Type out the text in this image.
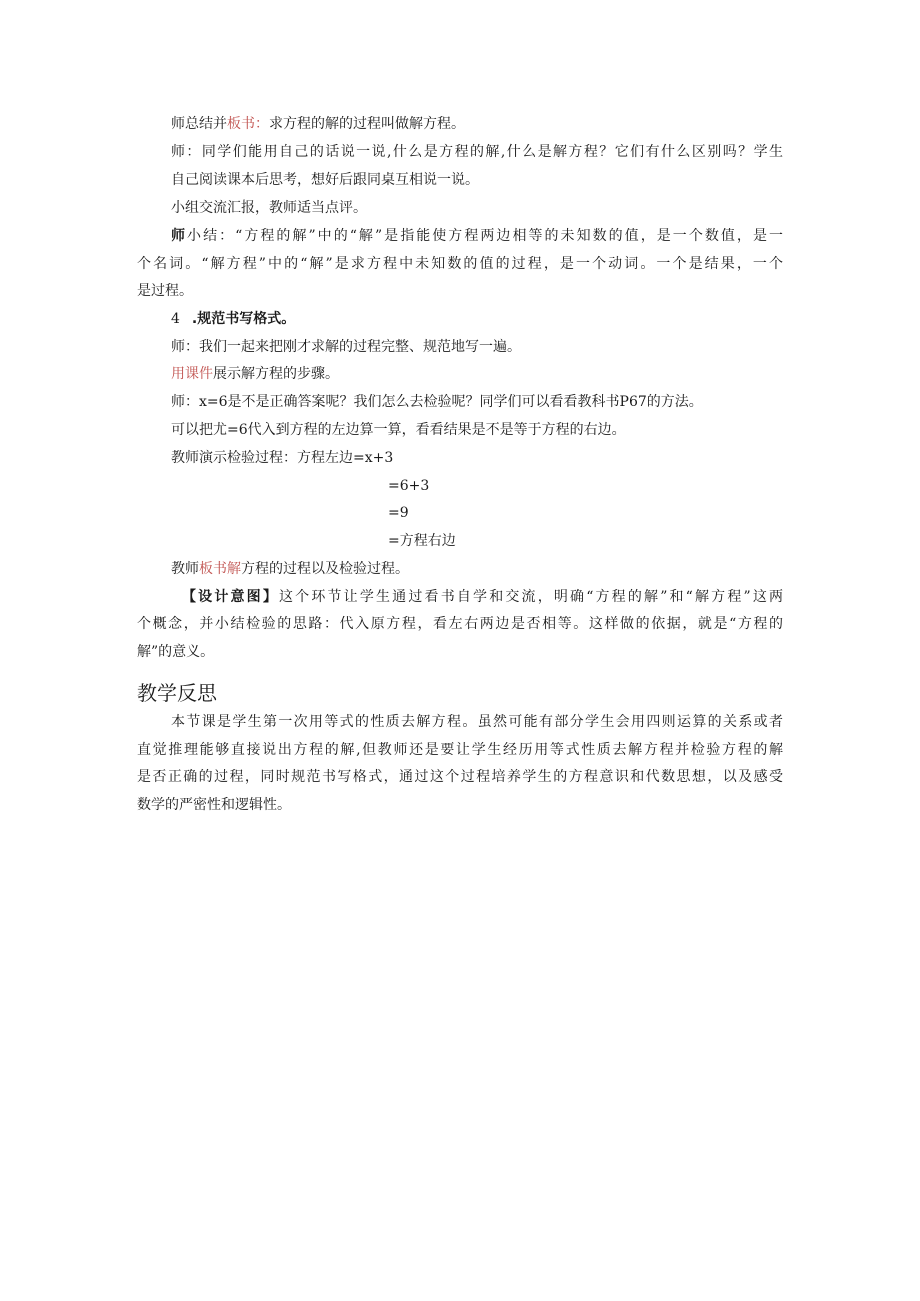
师总结并板书：求方程的解的过程叫做解方程。
师：同学们能用自己的话说一说,什么是方程的解,什么是解方程？它们有什么区别吗？学生
自己阅读课本后思考，想好后跟同桌互相说一说。
小组交流汇报，教师适当点评。
师小结：“方程的解”中的“解”是指能使方程两边相等的未知数的值，是一个数值，是一
个名词。“解方程”中的“解”是求方程中未知数的值的过程，是一个动词。一个是结果，一个
是过程。
4 .规范书写格式。
师：我们一起来把刚才求解的过程完整、规范地写一遍。
用课件展示解方程的步骤。
师：x=6是不是正确答案呢？我们怎么去检验呢？同学们可以看看教科书P67的方法。
可以把尤=6代入到方程的左边算一算，看看结果是不是等于方程的右边。
教师演示检验过程：方程左边=x+3
=6+3
=9
=方程右边
教师板书解方程的过程以及检验过程。
【设计意图】这个环节让学生通过看书自学和交流，明确“方程的解”和“解方程”这两
个概念，并小结检验的思路：代入原方程，看左右两边是否相等。这样做的依据，就是“方程的
解”的意义。
教学反思
本节课是学生第一次用等式的性质去解方程。虽然可能有部分学生会用四则运算的关系或者
直觉推理能够直接说出方程的解,但教师还是要让学生经历用等式性质去解方程并检验方程的解
是否正确的过程，同时规范书写格式，通过这个过程培养学生的方程意识和代数思想，以及感受
数学的严密性和逻辑性。
